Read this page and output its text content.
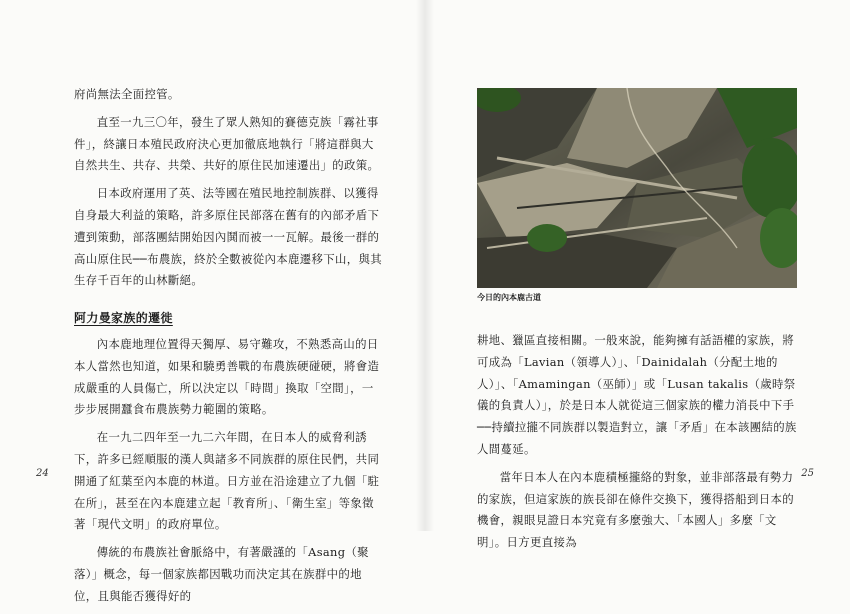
府尚無法全面控管。

直至一九三〇年，發生了眾人熟知的賽德克族「霧社事件」，終讓日本殖民政府決心更加徹底地執行「將這群與大自然共生、共存、共榮、共好的原住民加速遷出」的政策。

日本政府運用了英、法等國在殖民地控制族群、以獲得自身最大利益的策略，許多原住民部落在舊有的內部矛盾下遭到策動，部落團結開始因內鬨而被一一瓦解。最後一群的高山原住民──布農族，終於全數被從內本鹿遷移下山，與其生存千百年的山林斷絕。

阿力曼家族的遷徙

內本鹿地理位置得天獨厚、易守難攻，不熟悉高山的日本人當然也知道，如果和驍勇善戰的布農族硬碰硬，將會造成嚴重的人員傷亡，所以決定以「時間」換取「空間」，一步步展開蠶食布農族勢力範圍的策略。

在一九二四年至一九二六年間，在日本人的威脅利誘下，許多已經順服的漢人與諸多不同族群的原住民們，共同開通了紅葉至內本鹿的林道。日方並在沿途建立了九個「駐在所」，甚至在內本鹿建立起「教育所」、「衛生室」等象徵著「現代文明」的政府單位。

傳統的布農族社會脈絡中，有著嚴謹的「Asang（聚落）」概念，每一個家族都因戰功而決定其在族群中的地位，且與能否獲得好的

24
今日的內本鹿古道

耕地、獵區直接相關。一般來說，能夠擁有話語權的家族，將可成為「Lavian（領導人）」、「Dainidalah（分配土地的人）」、「Amamingan（巫師）」或「Lusan takalis（歲時祭儀的負責人）」，於是日本人就從這三個家族的權力消長中下手──持續拉攏不同族群以製造對立，讓「矛盾」在本該團結的族人間蔓延。

當年日本人在內本鹿積極攏絡的對象，並非部落最有勢力的家族，但這家族的族長卻在條件交換下，獲得搭船到日本的機會，親眼見證日本究竟有多麼強大、「本國人」多麼「文明」。日方更直接為

25
